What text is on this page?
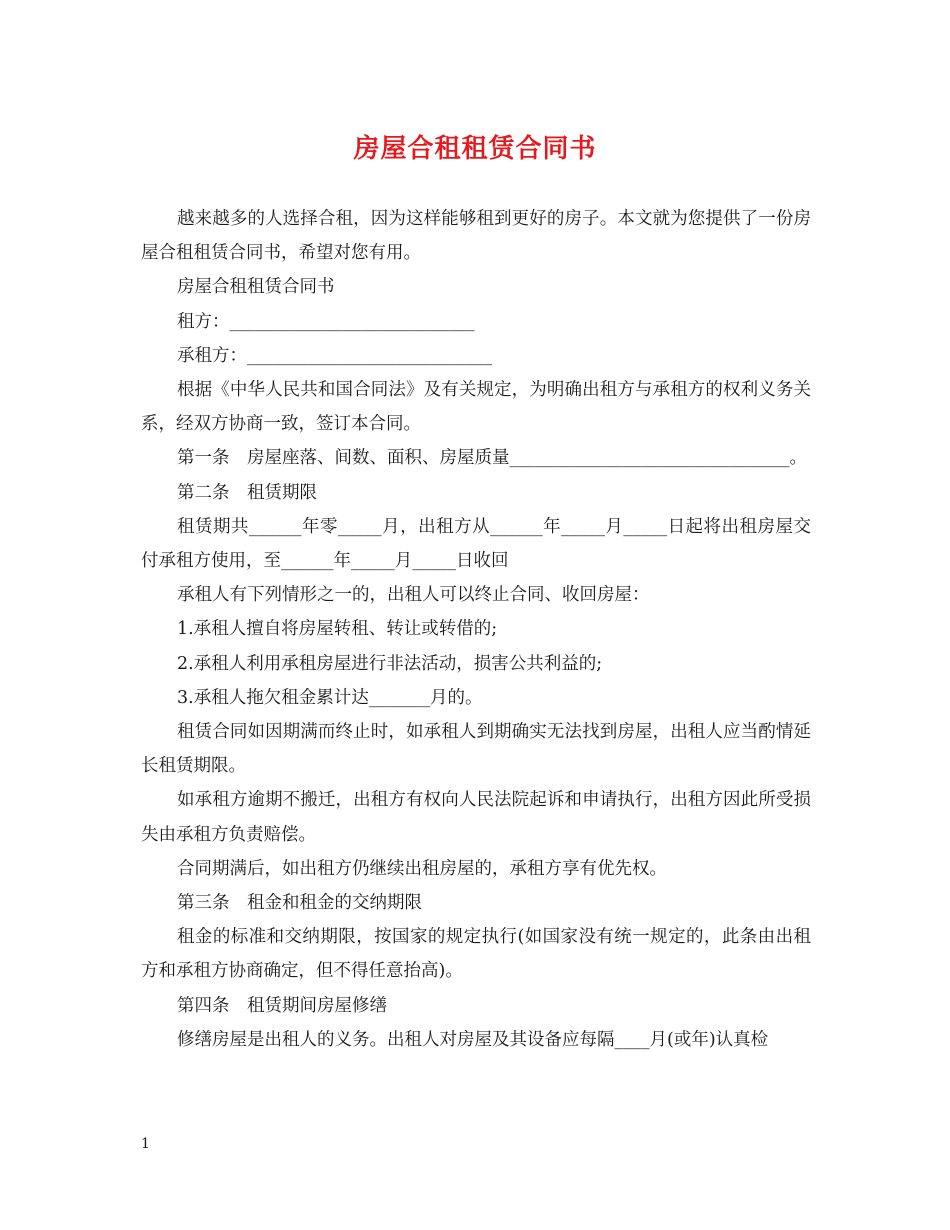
房屋合租租赁合同书

越来越多的人选择合租，因为这样能够租到更好的房子。本文就为您提供了一份房屋合租租赁合同书，希望对您有用。

房屋合租租赁合同书

租方：____________________________

承租方：____________________________

根据《中华人民共和国合同法》及有关规定，为明确出租方与承租方的权利义务关系，经双方协商一致，签订本合同。

第一条　房屋座落、间数、面积、房屋质量________________________________。

第二条　租赁期限

租赁期共______年零_____月，出租方从______年_____月_____日起将出租房屋交付承租方使用，至______年_____月_____日收回

承租人有下列情形之一的，出租人可以终止合同、收回房屋：

1.承租人擅自将房屋转租、转让或转借的;

2.承租人利用承租房屋进行非法活动，损害公共利益的;

3.承租人拖欠租金累计达_______月的。

租赁合同如因期满而终止时，如承租人到期确实无法找到房屋，出租人应当酌情延长租赁期限。

如承租方逾期不搬迁，出租方有权向人民法院起诉和申请执行，出租方因此所受损失由承租方负责赔偿。

合同期满后，如出租方仍继续出租房屋的，承租方享有优先权。

第三条　租金和租金的交纳期限

租金的标准和交纳期限，按国家的规定执行(如国家没有统一规定的，此条由出租方和承租方协商确定，但不得任意抬高)。

第四条　租赁期间房屋修缮

修缮房屋是出租人的义务。出租人对房屋及其设备应每隔____月(或年)认真检

1
